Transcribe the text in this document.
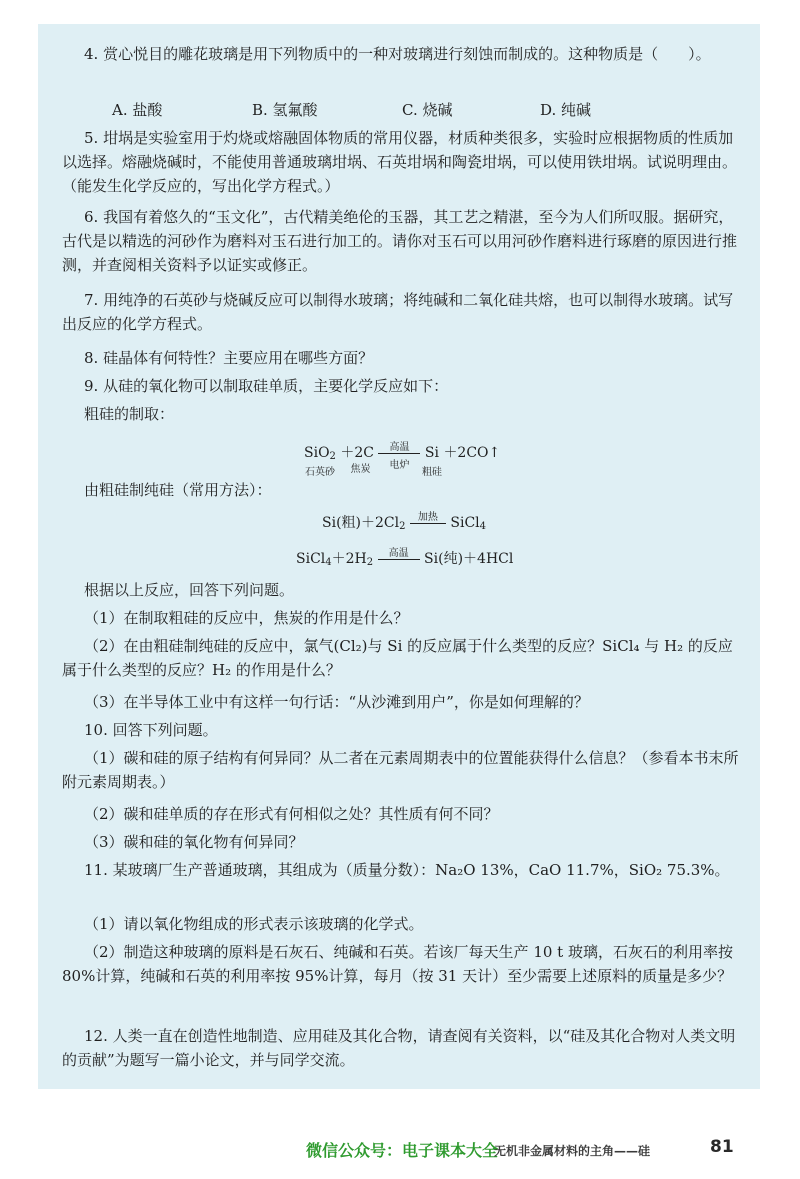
4. 赏心悦目的雕花玻璃是用下列物质中的一种对玻璃进行刻蚀而制成的。这种物质是（　　）。

A. 盐酸	B. 氢氟酸	C. 烧碱	D. 纯碱

5. 坩埚是实验室用于灼烧或熔融固体物质的常用仪器，材质种类很多，实验时应根据物质的性质加以选择。熔融烧碱时，不能使用普通玻璃坩埚、石英坩埚和陶瓷坩埚，可以使用铁坩埚。试说明理由。（能发生化学反应的，写出化学方程式。）

6. 我国有着悠久的“玉文化”，古代精美绝伦的玉器，其工艺之精湛，至今为人们所叹服。据研究，古代是以精选的河砂作为磨料对玉石进行加工的。请你对玉石可以用河砂作磨料进行琢磨的原因进行推测，并查阅相关资料予以证实或修正。

7. 用纯净的石英砂与烧碱反应可以制得水玻璃；将纯碱和二氧化硅共熔，也可以制得水玻璃。试写出反应的化学方程式。

8. 硅晶体有何特性？主要应用在哪些方面？

9. 从硅的氧化物可以制取硅单质，主要化学反应如下：

粗硅的制取：

SiO$_2$
石英砂
＋2C
焦炭

高温
电炉
Si
粗硅
＋2CO↑

由粗硅制纯硅（常用方法）：

Si(粗)$+2Cl_2$
加热 SiCl$_4$
$SiCl_4+2H_2$
高温	Si(纯)＋4HCl

根据以上反应，回答下列问题。

（1）在制取粗硅的反应中，焦炭的作用是什么？

（2）在由粗硅制纯硅的反应中，氯气(Cl₂)与 Si 的反应属于什么类型的反应？SiCl₄ 与 H₂ 的反应属于什么类型的反应？H₂ 的作用是什么？

（3）在半导体工业中有这样一句行话：“从沙滩到用户”，你是如何理解的？

10. 回答下列问题。

（1）碳和硅的原子结构有何异同？从二者在元素周期表中的位置能获得什么信息？（参看本书末所附元素周期表。）

（2）碳和硅单质的存在形式有何相似之处？其性质有何不同？

（3）碳和硅的氧化物有何异同？

11. 某玻璃厂生产普通玻璃，其组成为（质量分数）：Na₂O 13%，CaO 11.7%，SiO₂ 75.3%。

（1）请以氧化物组成的形式表示该玻璃的化学式。

（2）制造这种玻璃的原料是石灰石、纯碱和石英。若该厂每天生产 10 t 玻璃，石灰石的利用率按 80%计算，纯碱和石英的利用率按 95%计算，每月（按 31 天计）至少需要上述原料的质量是多少？

12. 人类一直在创造性地制造、应用硅及其化合物，请查阅有关资料，以“硅及其化合物对人类文明的贡献”为题写一篇小论文，并与同学交流。

微信公众号：电子课本大全
无机非金属材料的主角——硅	81
